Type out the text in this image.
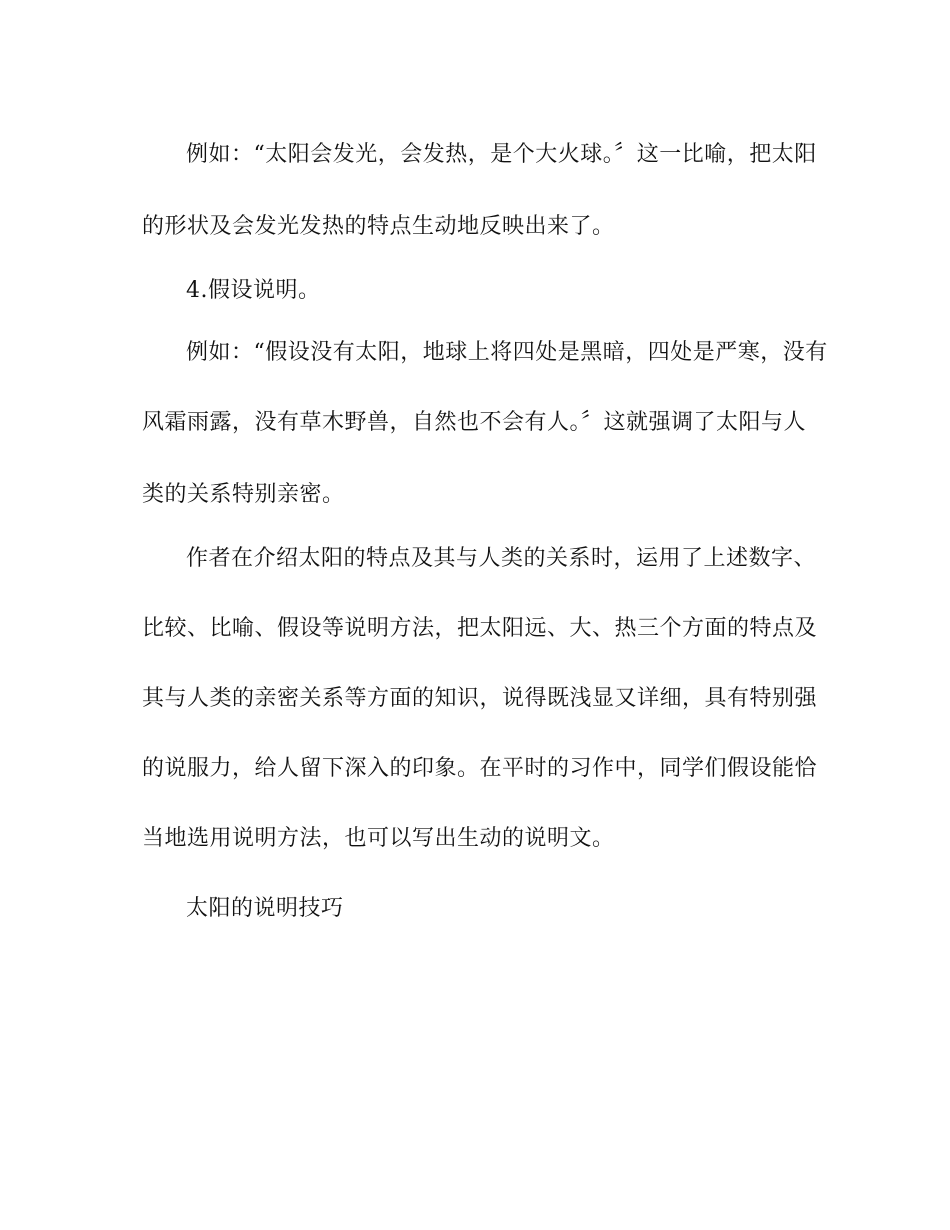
例如：“太阳会发光，会发热，是个大火球。〞这一比喻，把太阳
的形状及会发光发热的特点生动地反映出来了。
4.假设说明。
例如：“假设没有太阳，地球上将四处是黑暗，四处是严寒，没有
风霜雨露，没有草木野兽，自然也不会有人。〞这就强调了太阳与人
类的关系特别亲密。
作者在介绍太阳的特点及其与人类的关系时，运用了上述数字、
比较、比喻、假设等说明方法，把太阳远、大、热三个方面的特点及
其与人类的亲密关系等方面的知识，说得既浅显又详细，具有特别强
的说服力，给人留下深入的印象。在平时的习作中，同学们假设能恰
当地选用说明方法，也可以写出生动的说明文。
太阳的说明技巧
